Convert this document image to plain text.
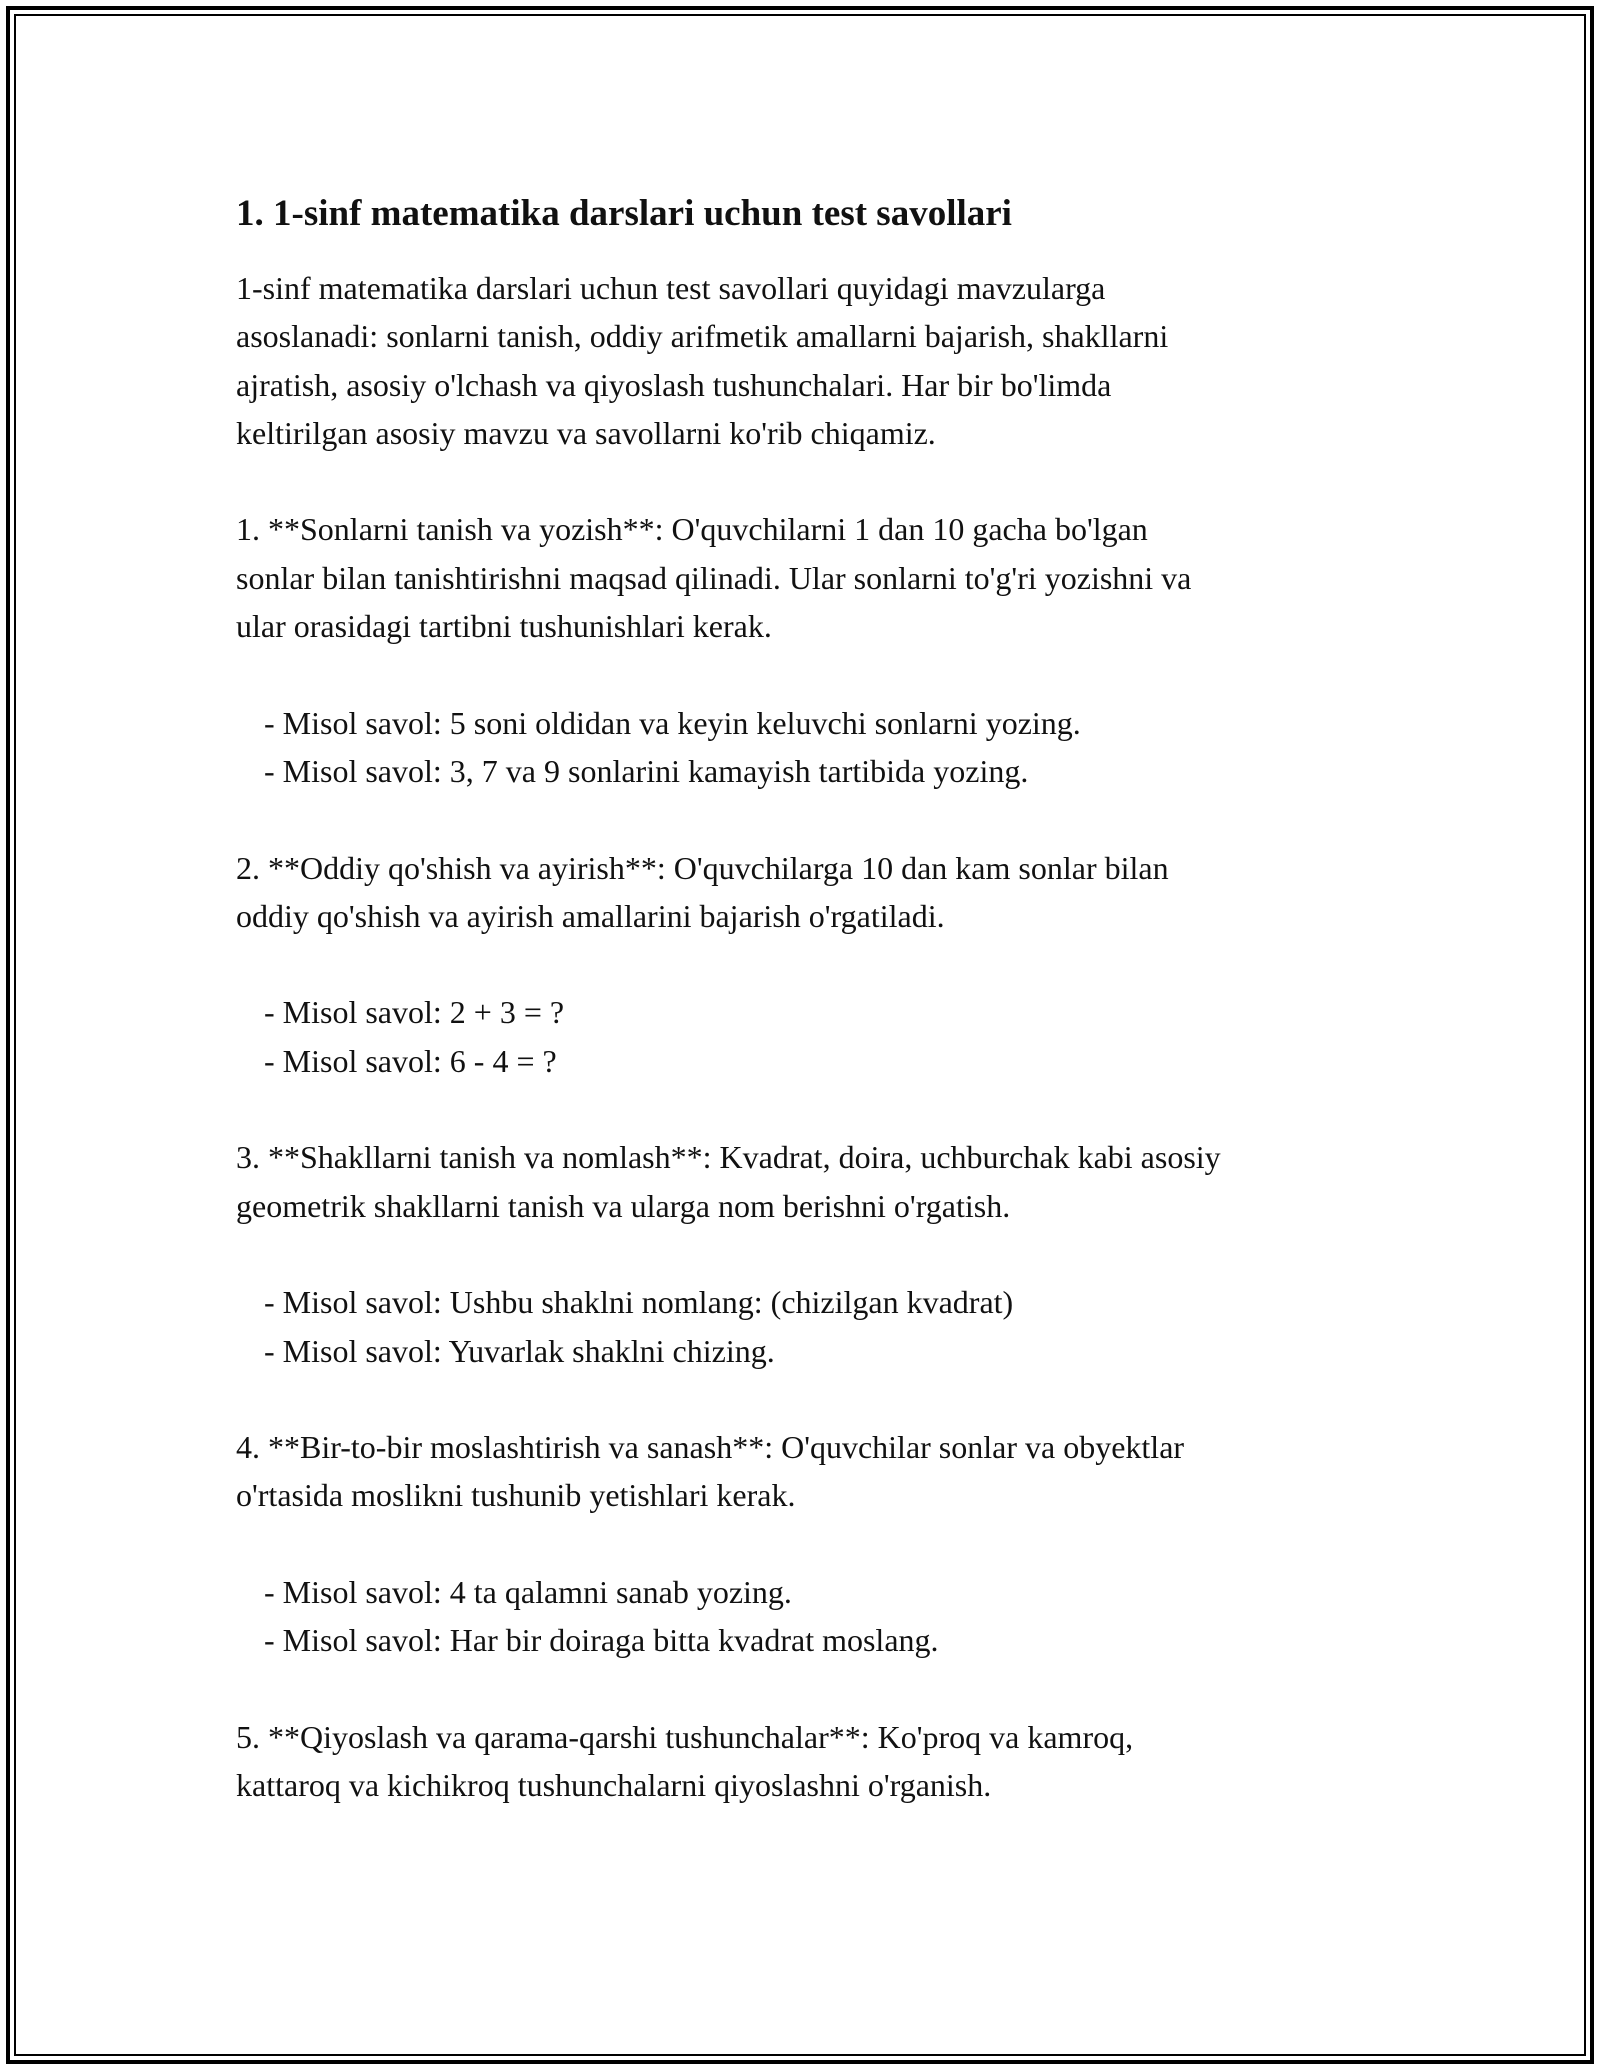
1. 1-sinf matematika darslari uchun test savollari

1-sinf matematika darslari uchun test savollari quyidagi mavzularga
asoslanadi: sonlarni tanish, oddiy arifmetik amallarni bajarish, shakllarni
ajratish, asosiy o'lchash va qiyoslash tushunchalari. Har bir bo'limda
keltirilgan asosiy mavzu va savollarni ko'rib chiqamiz.

1. **Sonlarni tanish va yozish**: O'quvchilarni 1 dan 10 gacha bo'lgan
sonlar bilan tanishtirishni maqsad qilinadi. Ular sonlarni to'g'ri yozishni va
ular orasidagi tartibni tushunishlari kerak.

- Misol savol: 5 soni oldidan va keyin keluvchi sonlarni yozing.

- Misol savol: 3, 7 va 9 sonlarini kamayish tartibida yozing.

2. **Oddiy qo'shish va ayirish**: O'quvchilarga 10 dan kam sonlar bilan
oddiy qo'shish va ayirish amallarini bajarish o'rgatiladi.

- Misol savol: 2 + 3 = ?

- Misol savol: 6 - 4 = ?

3. **Shakllarni tanish va nomlash**: Kvadrat, doira, uchburchak kabi asosiy
geometrik shakllarni tanish va ularga nom berishni o'rgatish.

- Misol savol: Ushbu shaklni nomlang: (chizilgan kvadrat)

- Misol savol: Yuvarlak shaklni chizing.

4. **Bir-to-bir moslashtirish va sanash**: O'quvchilar sonlar va obyektlar
o'rtasida moslikni tushunib yetishlari kerak.

- Misol savol: 4 ta qalamni sanab yozing.

- Misol savol: Har bir doiraga bitta kvadrat moslang.

5. **Qiyoslash va qarama-qarshi tushunchalar**: Ko'proq va kamroq,
kattaroq va kichikroq tushunchalarni qiyoslashni o'rganish.
